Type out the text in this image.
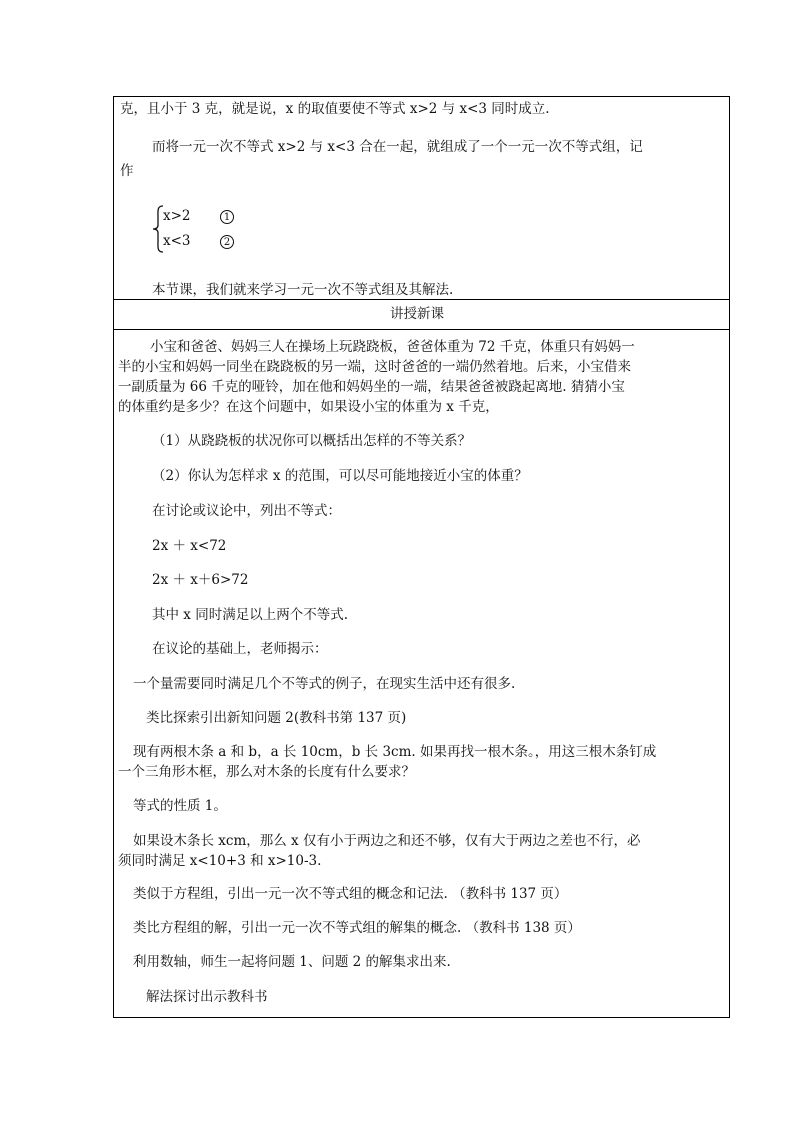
克，且小于 3 克，就是说，x 的取值要使不等式 x>2 与 x<3 同时成立.
而将一元一次不等式 x>2 与 x<3 合在一起，就组成了一个一元一次不等式组，记
作
x>2	1
x<3	2
本节课，我们就来学习一元一次不等式组及其解法.
讲授新课
小宝和爸爸、妈妈三人在操场上玩跷跷板，爸爸体重为 72 千克，体重只有妈妈一
半的小宝和妈妈一同坐在跷跷板的另一端，这时爸爸的一端仍然着地。后来，小宝借来
一副质量为 66 千克的哑铃，加在他和妈妈坐的一端，结果爸爸被跷起离地. 猜猜小宝
的体重约是多少？在这个问题中，如果设小宝的体重为 x 千克，
（1）从跷跷板的状况你可以概括出怎样的不等关系？
（2）你认为怎样求 x 的范围，可以尽可能地接近小宝的体重？
在讨论或议论中，列出不等式：
2x ＋ x<72
2x ＋ x＋6>72
其中 x 同时满足以上两个不等式.
在议论的基础上，老师揭示：
一个量需要同时满足几个不等式的例子，在现实生活中还有很多.
类比探索引出新知问题 2(教科书第 137 页)
现有两根木条 a 和 b，a 长 10cm，b 长 3cm. 如果再找一根木条。，用这三根木条钉成
一个三角形木框，那么对木条的长度有什么要求？
等式的性质 1。
如果设木条长 xcm，那么 x 仅有小于两边之和还不够，仅有大于两边之差也不行，必
须同时满足 x<10+3 和 x>10-3.
类似于方程组，引出一元一次不等式组的概念和记法. （教科书 137 页）
类比方程组的解，引出一元一次不等式组的解集的概念. （教科书 138 页）
利用数轴，师生一起将问题 1、问题 2 的解集求出来.
解法探讨出示教科书
